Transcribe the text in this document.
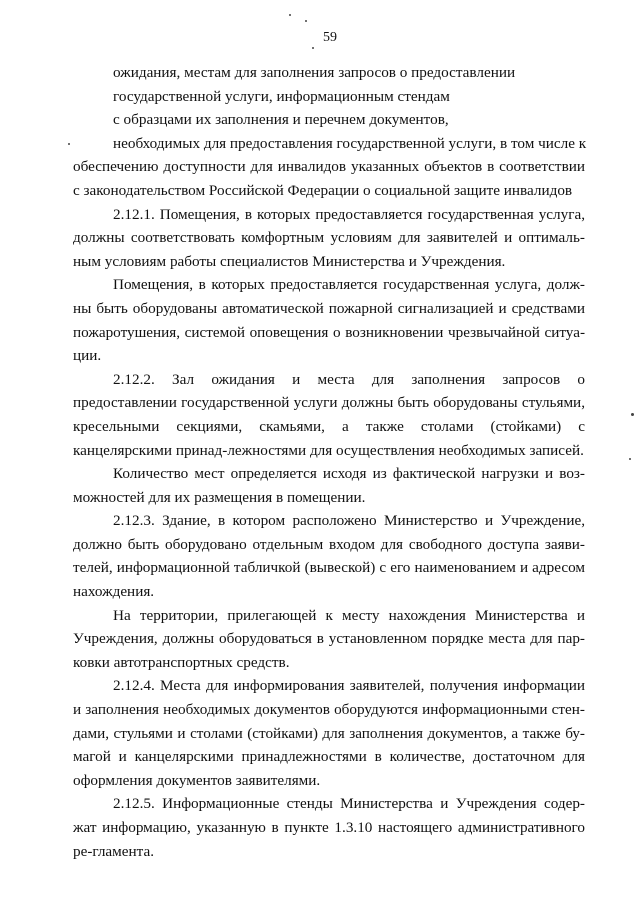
59
ожидания, местам для заполнения запросов о предоставлении
государственной услуги, информационным стендам
с образцами их заполнения и перечнем документов,
необходимых для предоставления государственной услуги, в том числе к
обеспечению доступности для инвалидов указанных объектов в соответствии с законодательством Российской Федерации о социальной защите инвалидов

2.12.1. Помещения, в которых предоставляется государственная услуга, должны соответствовать комфортным условиям для заявителей и оптималь-ным условиям работы специалистов Министерства и Учреждения.

Помещения, в которых предоставляется государственная услуга, долж-ны быть оборудованы автоматической пожарной сигнализацией и средствами пожаротушения, системой оповещения о возникновении чрезвычайной ситуа-ции.

2.12.2. Зал ожидания и места для заполнения запросов о предоставлении государственной услуги должны быть оборудованы стульями, кресельными секциями, скамьями, а также столами (стойками) с канцелярскими принад-лежностями для осуществления необходимых записей.

Количество мест определяется исходя из фактической нагрузки и воз-можностей для их размещения в помещении.

2.12.3. Здание, в котором расположено Министерство и Учреждение, должно быть оборудовано отдельным входом для свободного доступа заяви-телей, информационной табличкой (вывеской) с его наименованием и адресом нахождения.

На территории, прилегающей к месту нахождения Министерства и Учреждения, должны оборудоваться в установленном порядке места для пар-ковки автотранспортных средств.

2.12.4. Места для информирования заявителей, получения информации и заполнения необходимых документов оборудуются информационными стен-дами, стульями и столами (стойками) для заполнения документов, а также бу-магой и канцелярскими принадлежностями в количестве, достаточном для оформления документов заявителями.

2.12.5. Информационные стенды Министерства и Учреждения содер-жат информацию, указанную в пункте 1.3.10 настоящего административного ре-гламента.
